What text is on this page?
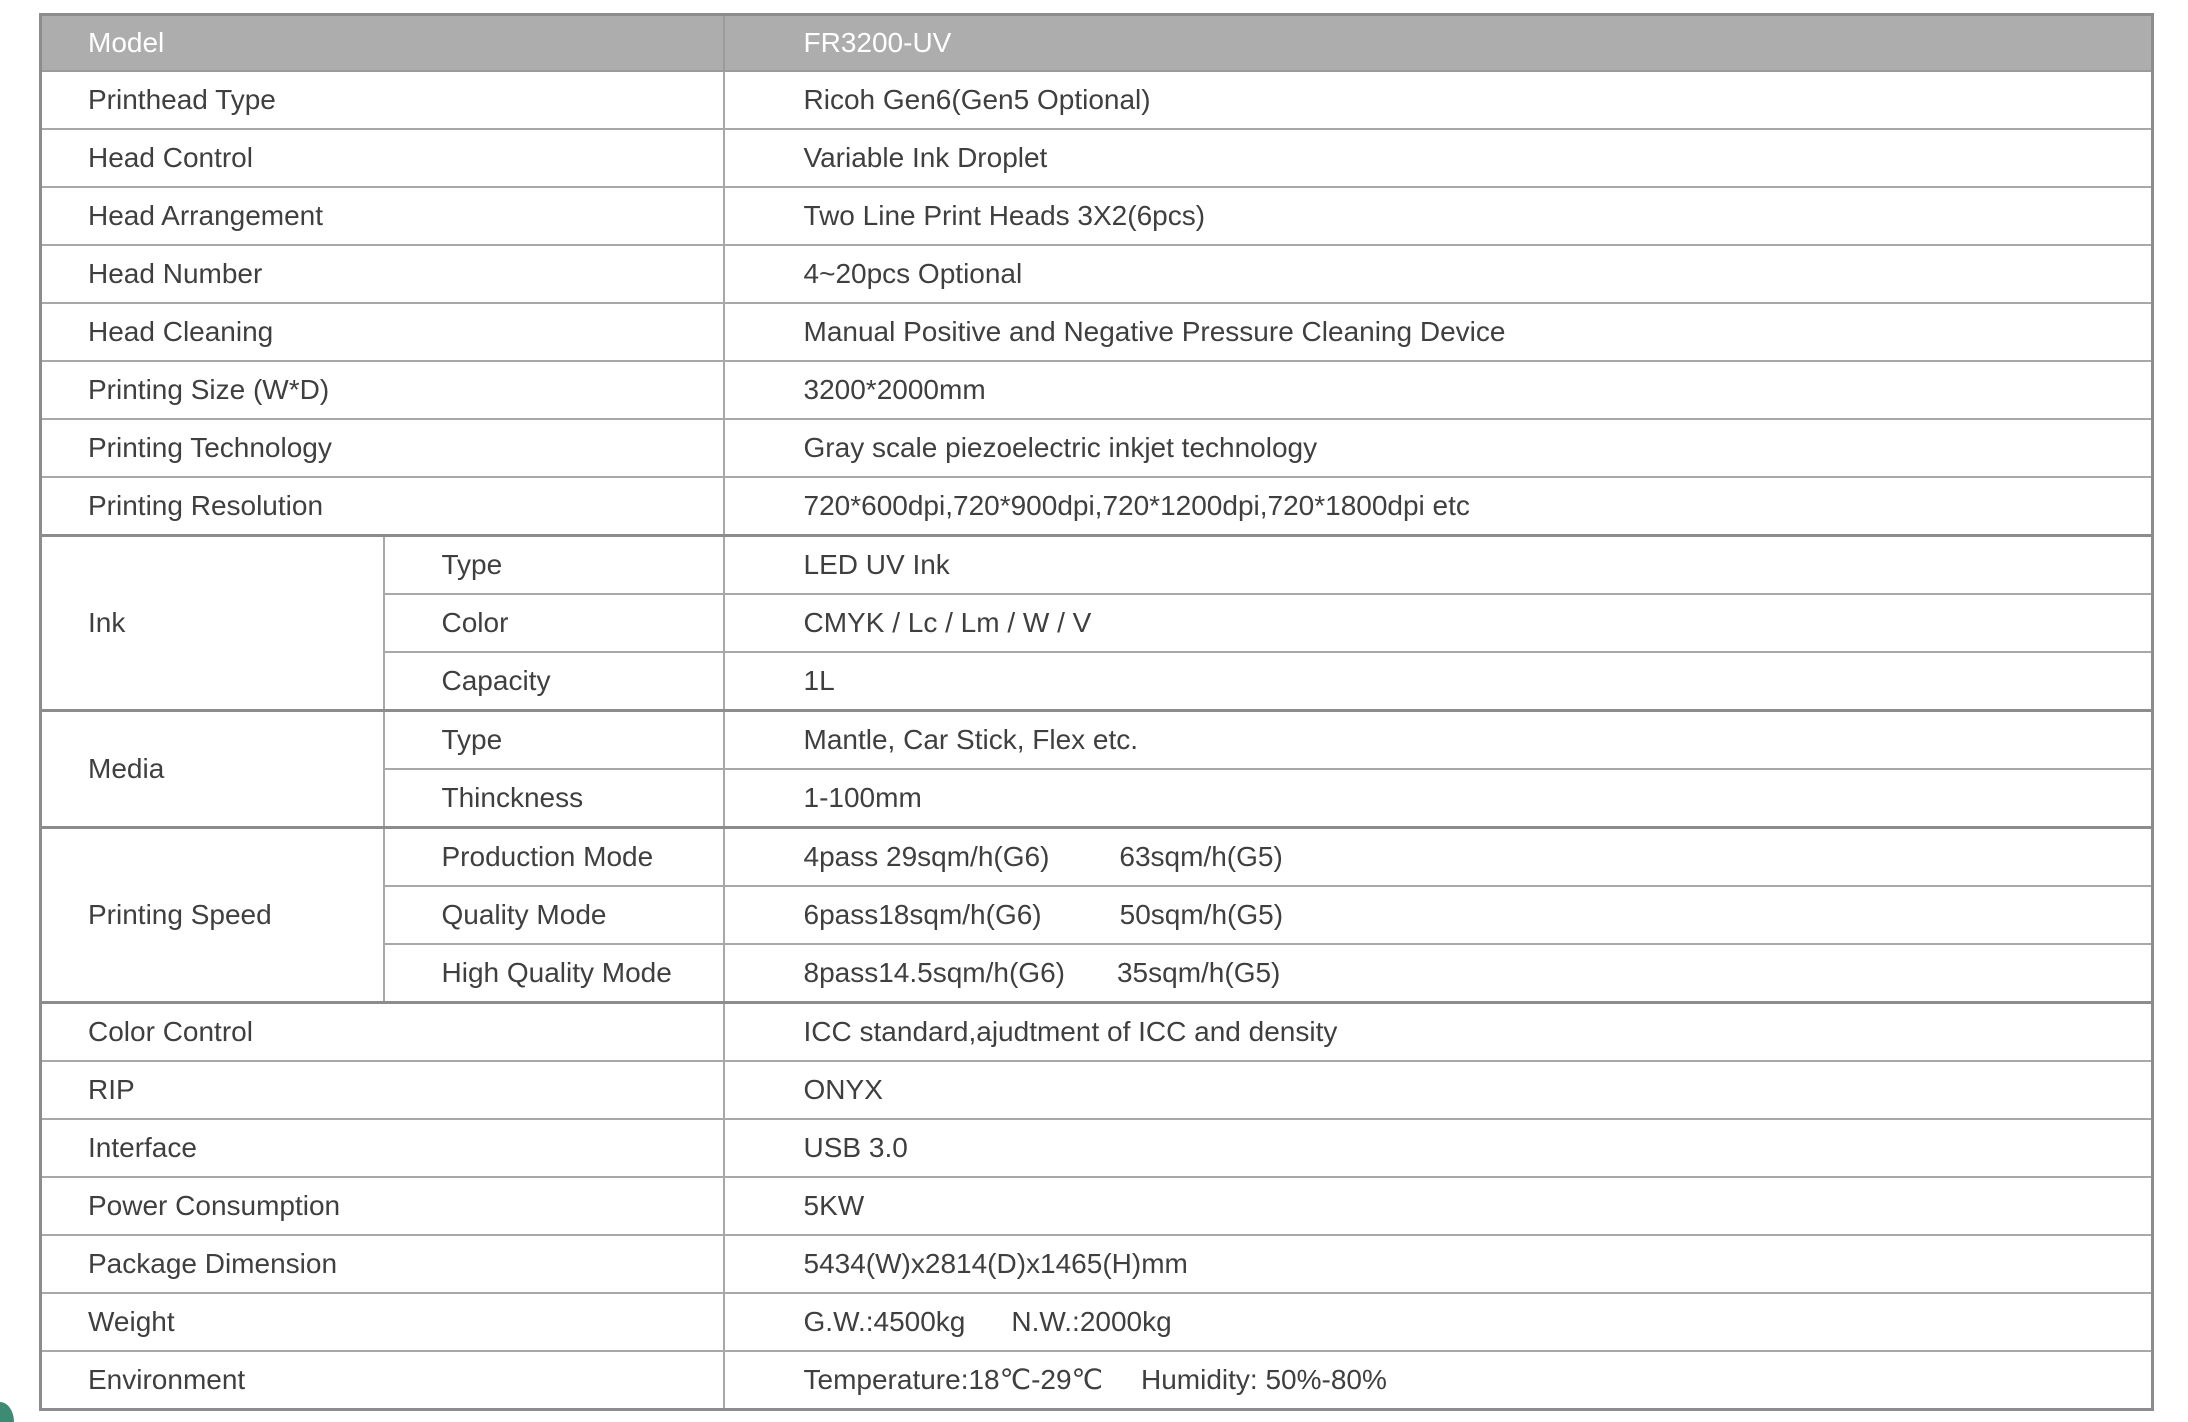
Model		FR3200-UV
Printhead Type		Ricoh Gen6(Gen5 Optional)
Head Control		Variable Ink Droplet
Head Arrangement		Two Line Print Heads 3X2(6pcs)
Head Number		4~20pcs Optional
Head Cleaning		Manual Positive and Negative Pressure Cleaning Device
Printing Size (W*D)		3200*2000mm
Printing Technology		Gray scale piezoelectric inkjet technology
Printing Resolution		720*600dpi,720*900dpi,720*1200dpi,720*1800dpi etc
Ink	Type	LED UV Ink
	Color	CMYK / Lc / Lm / W / V
	Capacity	1L
Media	Type	Mantle, Car Stick, Flex etc.
	Thinckness	1-100mm
Printing Speed	Production Mode	4pass 29sqm/h(G6) 63sqm/h(G5)
	Quality Mode	6pass18sqm/h(G6) 50sqm/h(G5)
	High Quality Mode	8pass14.5sqm/h(G6) 35sqm/h(G5)
Color Control		ICC standard,ajudtment of ICC and density
RIP		ONYX
Interface		USB 3.0
Power Consumption		5KW
Package Dimension		5434(W)x2814(D)x1465(H)mm
Weight		G.W.:4500kg N.W.:2000kg
Environment		Temperature:18℃-29℃ Humidity: 50%-80%
